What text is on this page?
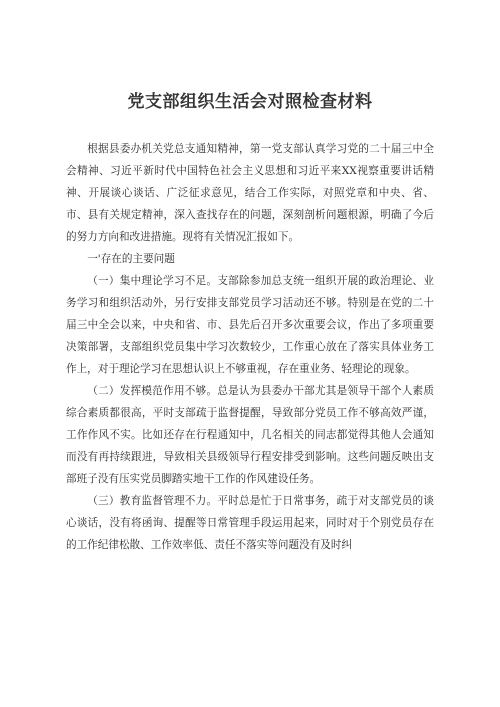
党支部组织生活会对照检查材料

根据县委办机关党总支通知精神，第一党支部认真学习党的二十届三中全会精神、习近平新时代中国特色社会主义思想和习近平来XX视察重要讲话精神、开展谈心谈话、广泛征求意见，结合工作实际，对照党章和中央、省、市、县有关规定精神，深入查找存在的问题，深刻剖析问题根源，明确了今后的努力方向和改进措施。现将有关情况汇报如下。

一'存在的主要问题

（一）集中理论学习不足。支部除参加总支统一组织开展的政治理论、业务学习和组织活动外，另行安排支部党员学习活动还不够。特别是在党的二十届三中全会以来，中央和省、市、县先后召开多次重要会议，作出了多项重要决策部署，支部组织党员集中学习次数较少，工作重心放在了落实具体业务工作上，对于理论学习在思想认识上不够重视，存在重业务、轻理论的现象。

（二）发挥模范作用不够。总是认为县委办干部尤其是领导干部个人素质综合素质都很高，平时支部疏于监督提醒，导致部分党员工作不够高效严谨，工作作风不实。比如还存在行程通知中，几名相关的同志都觉得其他人会通知而没有再持续跟进，导致相关县级领导行程安排受到影响。这些问题反映出支部班子没有压实党员脚踏实地干工作的作风建设任务。

（三）教育监督管理不力。平时总是忙于日常事务，疏于对支部党员的谈心谈话，没有将函询、提醒等日常管理手段运用起来，同时对于个别党员存在的工作纪律松散、工作效率低、责任不落实等问题没有及时纠
